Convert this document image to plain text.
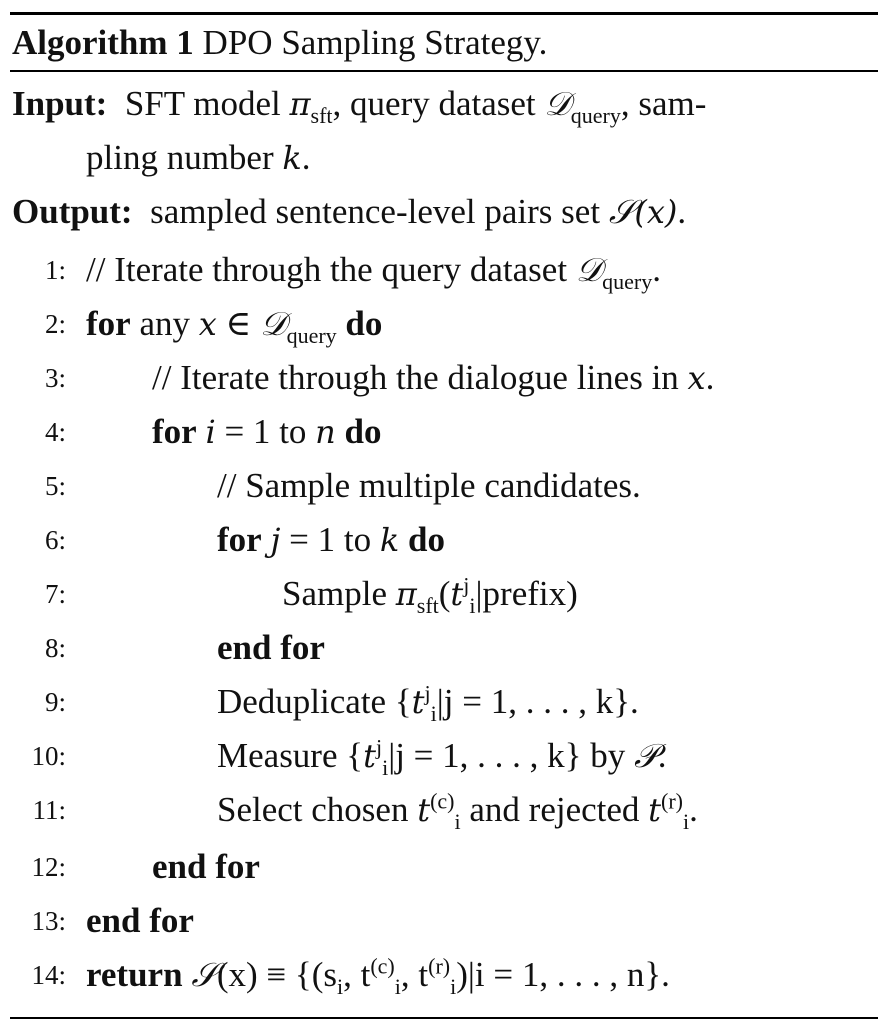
Algorithm 1 DPO Sampling Strategy.
Input: SFT model $\pi_{sft}$, query dataset 𝒟$_{query}$, sam-
pling number k.
Output: sampled sentence-level pairs set 𝒮(x).
1: // Iterate through the query dataset 𝒟$_{query}$.
2: for any x ∈ 𝒟$_{query}$ do
3: // Iterate through the dialogue lines in x.
4: for i = 1 to n do
5:	// Sample multiple candidates.
6:	for j = 1 to k do
7:	Sample $\pi_{sft}(t^j_i|prefix)$
8:	end for
9:	Deduplicate {$t^j_i|j = 1$, . . . , k}.
10:	Measure {$t^j_i|j = 1$, . . . , k} by 𝒫.
11:	Select chosen $t^{(c)}_i$ and rejected $t^{(r)}_i$.
12: end for
13: end for
14: return 𝒮(x) ≡ {($s_i$, $t^{(c)}_i$, $t^{(r)}_i)|i = 1$, . . . , n}.
